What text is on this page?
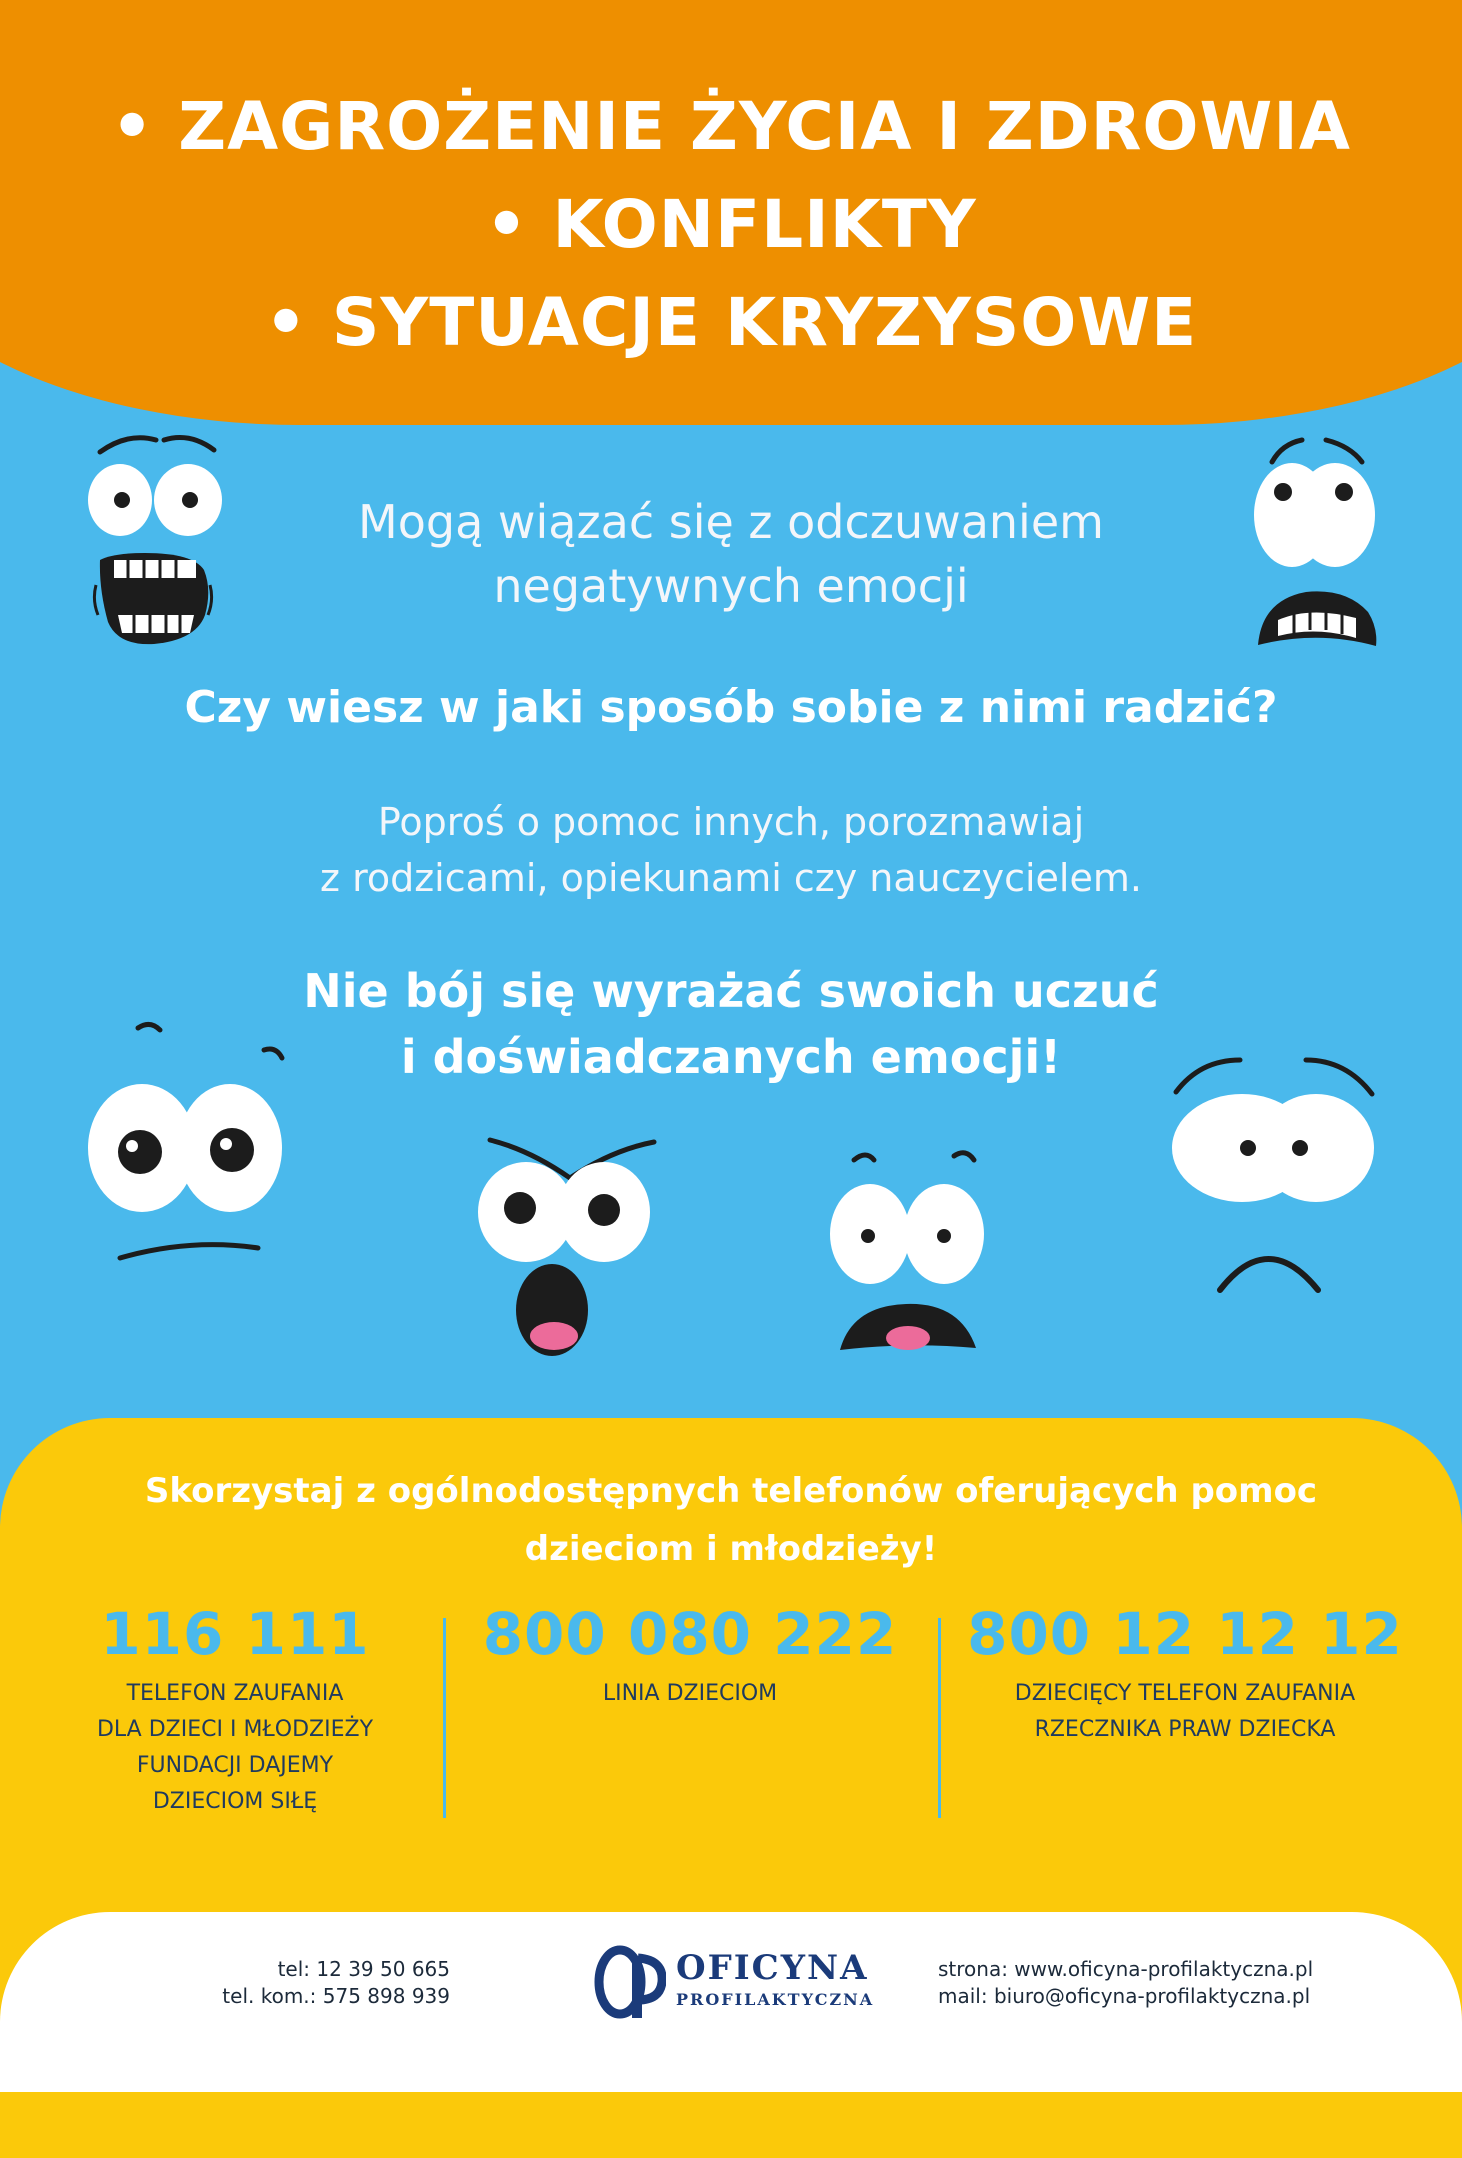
• ZAGROŻENIE ŻYCIA I ZDROWIA
• KONFLIKTY
• SYTUACJE KRYZYSOWE
Mogą wiązać się z odczuwaniem
negatywnych emocji
Czy wiesz w jaki sposób sobie z nimi radzić?
Poproś o pomoc innych, porozmawiaj
z rodzicami, opiekunami czy nauczycielem.
Nie bój się wyrażać swoich uczuć
i doświadczanych emocji!
Skorzystaj z ogólnodostępnych telefonów oferujących pomoc
dzieciom i młodzieży!
116 111
TELEFON ZAUFANIA
DLA DZIECI I MŁODZIEŻY
FUNDACJI DAJEMY
DZIECIOM SIŁĘ
800 080 222
LINIA DZIECIOM
800 12 12 12
DZIECIĘCY TELEFON ZAUFANIA
RZECZNIKA PRAW DZIECKA
tel: 12 39 50 665
tel. kom.: 575 898 939
OFICYNA
PROFILAKTYCZNA
strona: www.oficyna-profilaktyczna.pl
mail: biuro@oficyna-profilaktyczna.pl
